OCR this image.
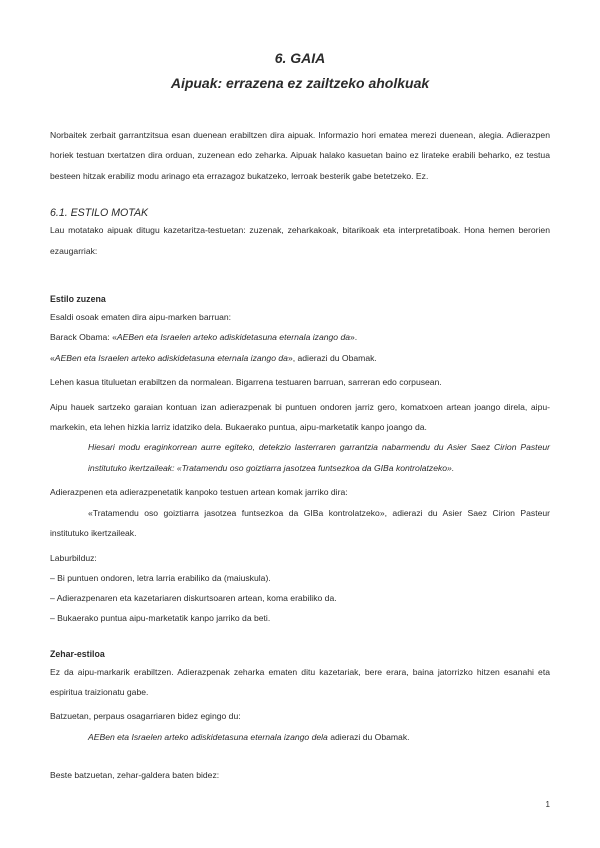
6. GAIA
Aipuak: errazena ez zailtzeko aholkuak

Norbaitek zerbait garrantzitsua esan duenean erabiltzen dira aipuak. Informazio hori ematea merezi duenean, alegia. Adierazpen horiek testuan txertatzen dira orduan, zuzenean edo zeharka. Aipuak halako kasuetan baino ez lirateke erabili beharko, ez testua besteen hitzak erabiliz modu arinago eta errazagoz bukatzeko, lerroak besterik gabe betetzeko. Ez.

6.1. ESTILO MOTAK

Lau motatako aipuak ditugu kazetaritza-testuetan: zuzenak, zeharkakoak, bitarikoak eta interpretatiboak. Hona hemen berorien ezaugarriak:

Estilo zuzena

Esaldi osoak ematen dira aipu-marken barruan:

Barack Obama: «AEBen eta Israelen arteko adiskidetasuna eternala izango da».

«AEBen eta Israelen arteko adiskidetasuna eternala izango da», adierazi du Obamak.

Lehen kasua tituluetan erabiltzen da normalean. Bigarrena testuaren barruan, sarreran edo corpusean.

Aipu hauek sartzeko garaian kontuan izan adierazpenak bi puntuen ondoren jarriz gero, komatxoen artean joango direla, aipu-markekin, eta lehen hizkia larriz idatziko dela. Bukaerako puntua, aipu-marketatik kanpo joango da.

Hiesari modu eraginkorrean aurre egiteko, detekzio lasterraren garrantzia nabarmendu du Asier Saez Cirion Pasteur institutuko ikertzaileak: «Tratamendu oso goiztiarra jasotzea funtsezkoa da GIBa kontrolatzeko».

Adierazpenen eta adierazpenetatik kanpoko testuen artean komak jarriko dira:

«Tratamendu oso goiztiarra jasotzea funtsezkoa da GIBa kontrolatzeko», adierazi du Asier Saez Cirion Pasteur institutuko ikertzaileak.

Laburbilduz:

– Bi puntuen ondoren, letra larria erabiliko da (maiuskula).

– Adierazpenaren eta kazetariaren diskurtsoaren artean, koma erabiliko da.

– Bukaerako puntua aipu-marketatik kanpo jarriko da beti.

Zehar-estiloa

Ez da aipu-markarik erabiltzen. Adierazpenak zeharka ematen ditu kazetariak, bere erara, baina jatorrizko hitzen esanahi eta espiritua traizionatu gabe.

Batzuetan, perpaus osagarriaren bidez egingo du:

AEBen eta Israelen arteko adiskidetasuna eternala izango dela adierazi du Obamak.

Beste batzuetan, zehar-galdera baten bidez:

1
